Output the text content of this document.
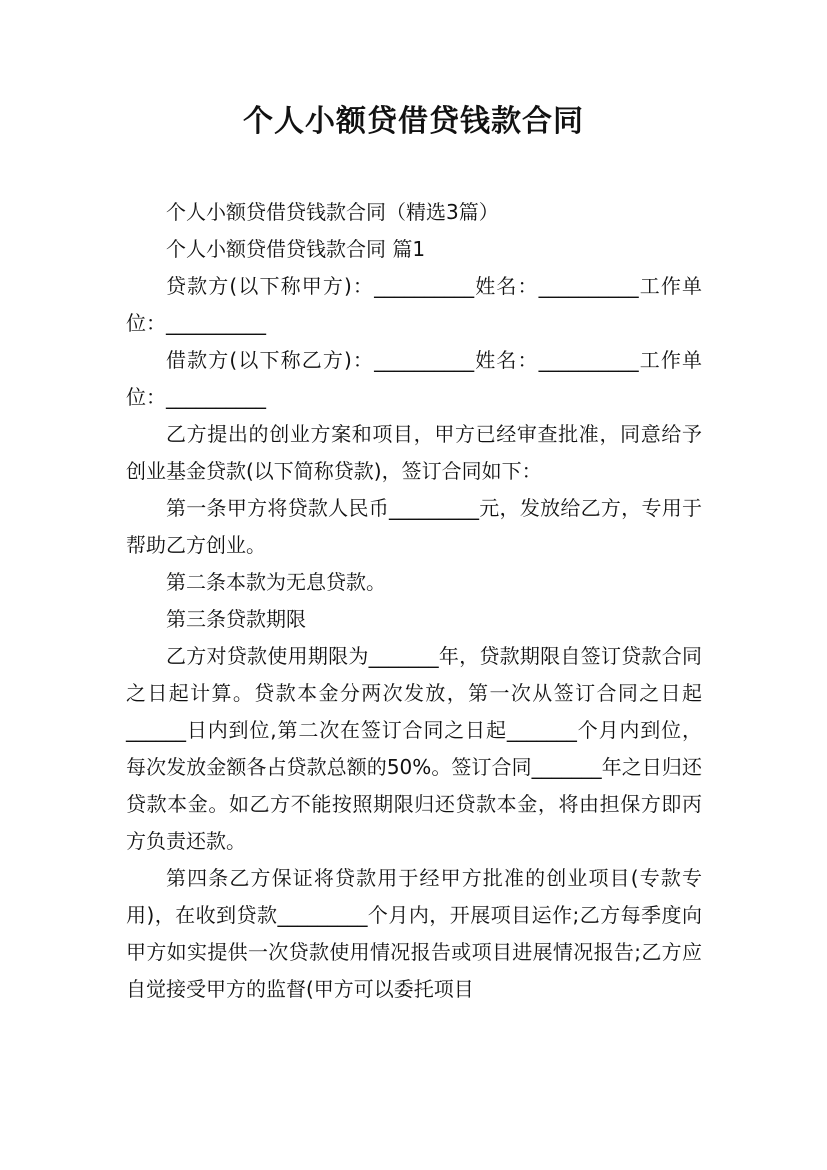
个人小额贷借贷钱款合同

个人小额贷借贷钱款合同（精选3篇）

个人小额贷借贷钱款合同 篇1

贷款方(以下称甲方)：__________姓名：__________工作单位：__________

借款方(以下称乙方)：__________姓名：__________工作单位：__________

乙方提出的创业方案和项目，甲方已经审查批准，同意给予创业基金贷款(以下简称贷款)，签订合同如下：

第一条甲方将贷款人民币_________元，发放给乙方，专用于帮助乙方创业。

第二条本款为无息贷款。

第三条贷款期限

乙方对贷款使用期限为_______年，贷款期限自签订贷款合同之日起计算。贷款本金分两次发放，第一次从签订合同之日起______日内到位,第二次在签订合同之日起_______个月内到位，每次发放金额各占贷款总额的50%。签订合同_______年之日归还贷款本金。如乙方不能按照期限归还贷款本金，将由担保方即丙方负责还款。

第四条乙方保证将贷款用于经甲方批准的创业项目(专款专用)，在收到贷款_________个月内，开展项目运作;乙方每季度向甲方如实提供一次贷款使用情况报告或项目进展情况报告;乙方应自觉接受甲方的监督(甲方可以委托项目
